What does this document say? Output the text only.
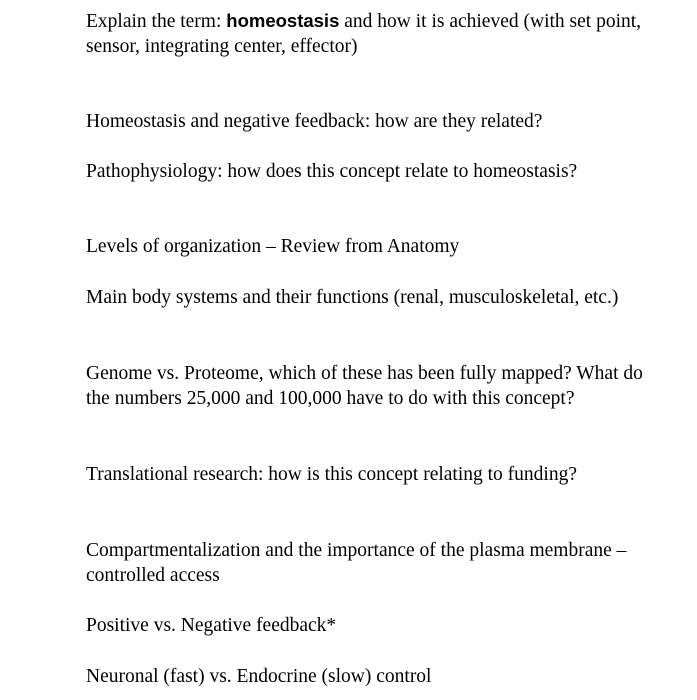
Explain the term: homeostasis and how it is achieved (with set point, sensor, integrating center, effector)

Homeostasis and negative feedback: how are they related?

Pathophysiology: how does this concept relate to homeostasis?

Levels of organization – Review from Anatomy

Main body systems and their functions (renal, musculoskeletal, etc.)

Genome vs. Proteome, which of these has been fully mapped? What do the numbers 25,000 and 100,000 have to do with this concept?

Translational research: how is this concept relating to funding?

Compartmentalization and the importance of the plasma membrane – controlled access

Positive vs. Negative feedback*

Neuronal (fast) vs. Endocrine (slow) control
